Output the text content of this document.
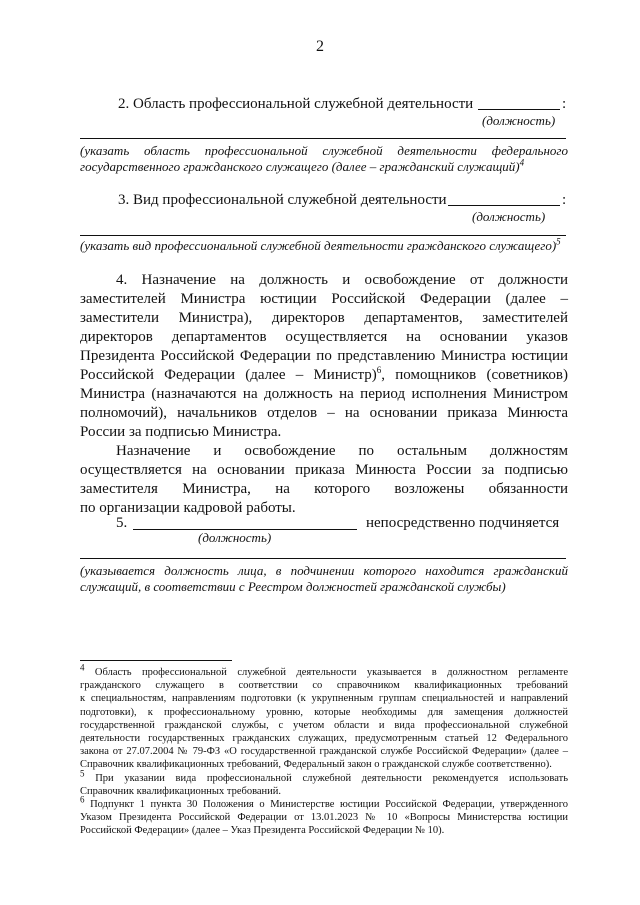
2
2. Область профессиональной служебной деятельности	:
(должность)
(указать область профессиональной служебной деятельности федерального
государственного гражданского служащего (далее – гражданский служащий)$^4$
3. Вид профессиональной служебной деятельности	:
(должность)
(указать вид профессиональной служебной деятельности гражданского служащего)$^5$
4. Назначение на должность и освобождение от должности
заместителей Министра юстиции Российской Федерации (далее –
заместители Министра), директоров департаментов, заместителей
директоров департаментов осуществляется на основании указов
Президента Российской Федерации по представлению Министра юстиции
Российской Федерации (далее – Министр)$^6$, помощников (советников)
Министра (назначаются на должность на период исполнения Министром
полномочий), начальников отделов – на основании приказа Минюста
России за подписью Министра.
Назначение и освобождение по остальным должностям
осуществляется на основании приказа Минюста России за подписью
заместителя Министра, на которого возложены обязанности
по организации кадровой работы.
5.	непосредственно подчиняется
(должность)
(указывается должность лица, в подчинении которого находится гражданский
служащий, в соответствии с Реестром должностей гражданской службы)
$^4$ Область профессиональной служебной деятельности указывается в должностном регламенте
гражданского служащего в соответствии со справочником квалификационных требований
к специальностям, направлениям подготовки (к укрупненным группам специальностей и направлений
подготовки), к профессиональному уровню, которые необходимы для замещения должностей
государственной гражданской службы, с учетом области и вида профессиональной служебной
деятельности государственных гражданских служащих, предусмотренным статьей 12 Федерального
закона от 27.07.2004 № 79-ФЗ «О государственной гражданской службе Российской Федерации» (далее –
Справочник квалификационных требований, Федеральный закон о гражданской службе соответственно).
$^5$ При указании вида профессиональной служебной деятельности рекомендуется использовать
Справочник квалификационных требований.
$^6$ Подпункт 1 пункта 30 Положения о Министерстве юстиции Российской Федерации, утвержденного
Указом Президента Российской Федерации от 13.01.2023 № 10 «Вопросы Министерства юстиции
Российской Федерации» (далее – Указ Президента Российской Федерации № 10).
